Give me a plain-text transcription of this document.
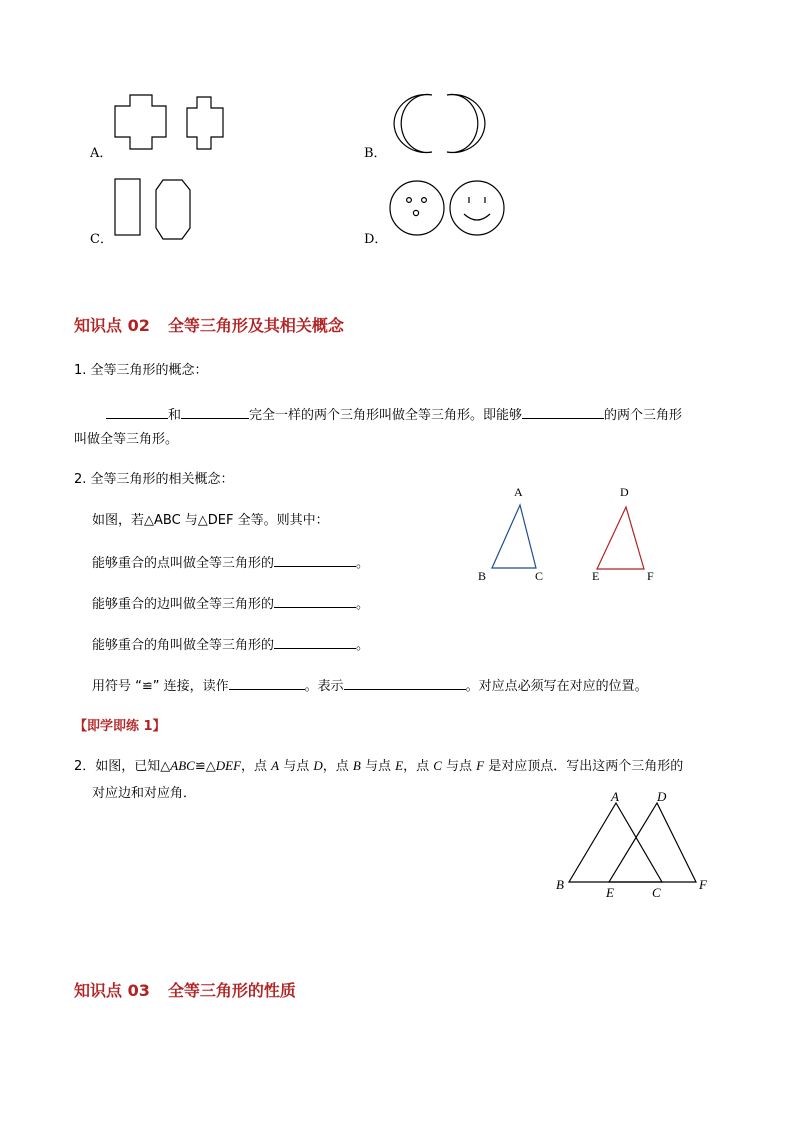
A．	B．
C．	D．
知识点 02 全等三角形及其相关概念
1. 全等三角形的概念：
和	完全一样的两个三角形叫做全等三角形。即能够	的两个三角形
叫做全等三角形。
2. 全等三角形的相关概念：
如图，若△ABC 与△DEF 全等。则其中：
能够重合的点叫做全等三角形的	。
能够重合的边叫做全等三角形的	。
能够重合的角叫做全等三角形的	。
用符号 “≌” 连接，读作	。表示	。对应点必须写在对应的位置。
A
B	C
D
E	F
【即学即练 1】
2．如图，已知△ABC≌△DEF，点 A 与点 D，点 B 与点 E，点 C 与点 F 是对应顶点．写出这两个三角形的
对应边和对应角．	A	D
B
E	C
F
知识点 03 全等三角形的性质
